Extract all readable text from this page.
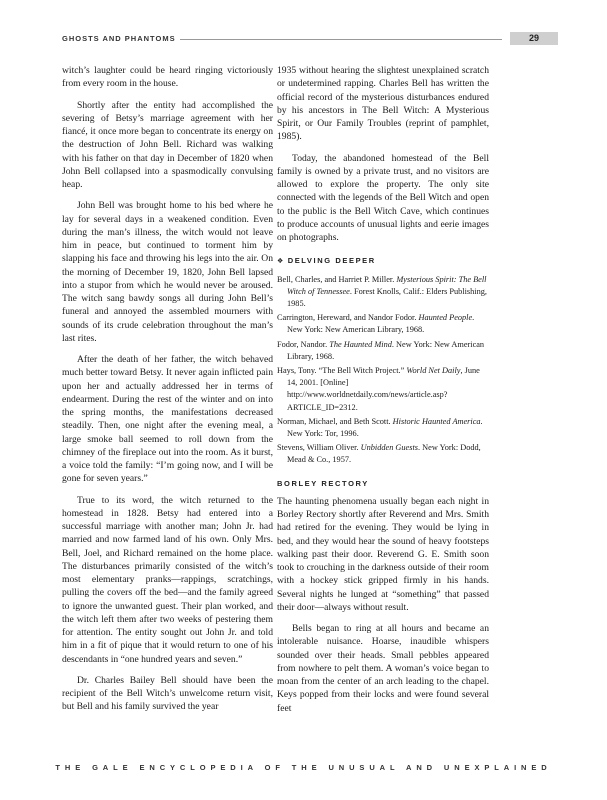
GHOSTS AND PHANTOMS	29

witch’s laughter could be heard ringing victoriously from every room in the house.

Shortly after the entity had accomplished the severing of Betsy’s marriage agreement with her fiancé, it once more began to concentrate its energy on the destruction of John Bell. Richard was walking with his father on that day in December of 1820 when John Bell collapsed into a spasmodically convulsing heap.

John Bell was brought home to his bed where he lay for several days in a weakened condition. Even during the man’s illness, the witch would not leave him in peace, but continued to torment him by slapping his face and throwing his legs into the air. On the morning of December 19, 1820, John Bell lapsed into a stupor from which he would never be aroused. The witch sang bawdy songs all during John Bell’s funeral and annoyed the assembled mourners with sounds of its crude celebration throughout the man’s last rites.

After the death of her father, the witch behaved much better toward Betsy. It never again inflicted pain upon her and actually addressed her in terms of endearment. During the rest of the winter and on into the spring months, the manifestations decreased steadily. Then, one night after the evening meal, a large smoke ball seemed to roll down from the chimney of the fireplace out into the room. As it burst, a voice told the family: “I’m going now, and I will be gone for seven years.”

True to its word, the witch returned to the homestead in 1828. Betsy had entered into a successful marriage with another man; John Jr. had married and now farmed land of his own. Only Mrs. Bell, Joel, and Richard remained on the home place. The disturbances primarily consisted of the witch’s most elementary pranks—rappings, scratchings, pulling the covers off the bed—and the family agreed to ignore the unwanted guest. Their plan worked, and the witch left them after two weeks of pestering them for attention. The entity sought out John Jr. and told him in a fit of pique that it would return to one of his descendants in “one hundred years and seven.”

Dr. Charles Bailey Bell should have been the recipient of the Bell Witch’s unwelcome return visit, but Bell and his family survived the year

1935 without hearing the slightest unexplained scratch or undetermined rapping. Charles Bell has written the official record of the mysterious disturbances endured by his ancestors in The Bell Witch: A Mysterious Spirit, or Our Family Troubles (reprint of pamphlet, 1985).

Today, the abandoned homestead of the Bell family is owned by a private trust, and no visitors are allowed to explore the property. The only site connected with the legends of the Bell Witch and open to the public is the Bell Witch Cave, which continues to produce accounts of unusual lights and eerie images on photographs.

❖ DELVING DEEPER
Bell, Charles, and Harriet P. Miller. Mysterious Spirit: The Bell Witch of Tennessee. Forest Knolls, Calif.: Elders Publishing, 1985.
Carrington, Hereward, and Nandor Fodor. Haunted People. New York: New American Library, 1968.
Fodor, Nandor. The Haunted Mind. New York: New American Library, 1968.
Hays, Tony. “The Bell Witch Project.” World Net Daily, June 14, 2001. [Online] http://www.worldnetdaily.com/news/article.asp?ARTICLE_ID=2312.
Norman, Michael, and Beth Scott. Historic Haunted America. New York: Tor, 1996.
Stevens, William Oliver. Unbidden Guests. New York: Dodd, Mead & Co., 1957.
BORLEY RECTORY

The haunting phenomena usually began each night in Borley Rectory shortly after Reverend and Mrs. Smith had retired for the evening. They would be lying in bed, and they would hear the sound of heavy footsteps walking past their door. Reverend G. E. Smith soon took to crouching in the darkness outside of their room with a hockey stick gripped firmly in his hands. Several nights he lunged at “something” that passed their door—always without result.

Bells began to ring at all hours and became an intolerable nuisance. Hoarse, inaudible whispers sounded over their heads. Small pebbles appeared from nowhere to pelt them. A woman’s voice began to moan from the center of an arch leading to the chapel. Keys popped from their locks and were found several feet

THE GALE ENCYCLOPEDIA OF THE UNUSUAL AND UNEXPLAINED
